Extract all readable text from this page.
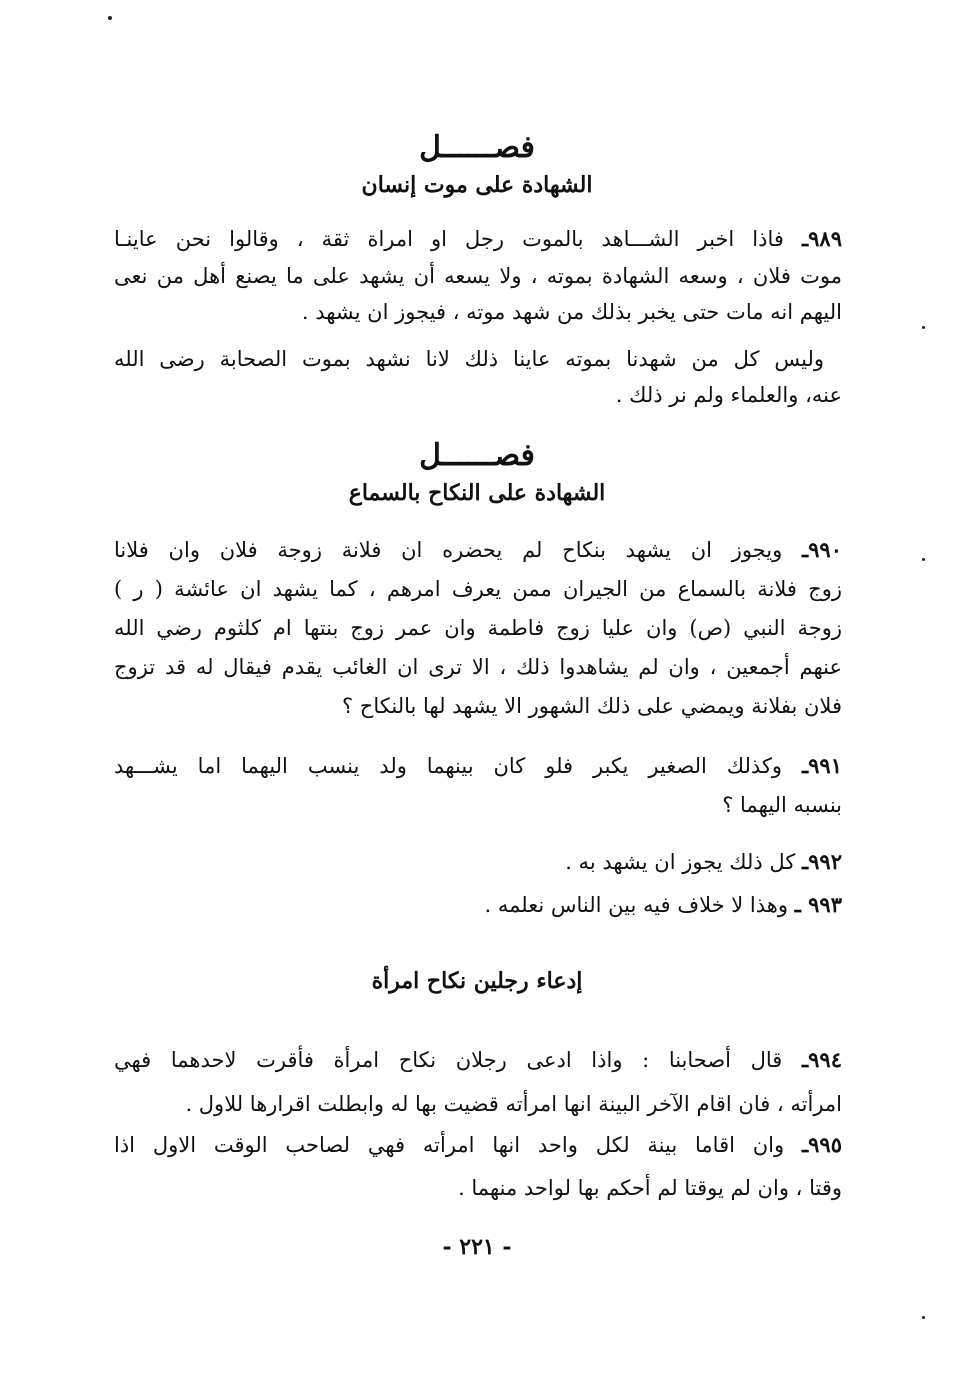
فصــــــل
الشهادة على موت إنسان
٩٨٩ـ فاذا اخبر الشـــاهد بالموت رجل او امراة ثقة ، وقالوا نحن عاينـا
موت فلان ، وسعه الشهادة بموته ، ولا يسعه أن يشهد على ما يصنع أهل من نعى
اليهم انه مات حتى يخبر بذلك من شهد موته ، فيجوز ان يشهد .
وليس كل من شهدنا بموته عاينا ذلك لانا نشهد بموت الصحابة رضى الله
عنه، والعلماء ولم نر ذلك .
فصــــــل
الشهادة على النكاح بالسماع
٩٩٠ـ ويجوز ان يشهد بنكاح لم يحضره ان فلانة زوجة فلان وان فلانا
زوج فلانة بالسماع من الجيران ممن يعرف امرهم ، كما يشهد ان عائشة ( ر )
زوجة النبي (ص) وان عليا زوج فاطمة وان عمر زوج بنتها ام كلثوم رضي الله
عنهم أجمعين ، وان لم يشاهدوا ذلك ، الا ترى ان الغائب يقدم فيقال له قد تزوج
فلان بفلانة ويمضي على ذلك الشهور الا يشهد لها بالنكاح ؟
٩٩١ـ وكذلك الصغير يكبر فلو كان بينهما ولد ينسب اليهما اما يشـــهد
بنسبه اليهما ؟
٩٩٢ـ كل ذلك يجوز ان يشهد به .
٩٩٣ ـ وهذا لا خلاف فيه بين الناس نعلمه .
إدعاء رجلين نكاح امرأة
٩٩٤ـ قال أصحابنا : واذا ادعى رجلان نكاح امرأة فأقرت لاحدهما فهي
امرأته ، فان اقام الآخر البينة انها امرأته قضيت بها له وابطلت اقرارها للاول .
٩٩٥ـ وان اقاما بينة لكل واحد انها امرأته فهي لصاحب الوقت الاول اذا
وقتا ، وان لم يوقتا لم أحكم بها لواحد منهما .
- ٢٢١ -
